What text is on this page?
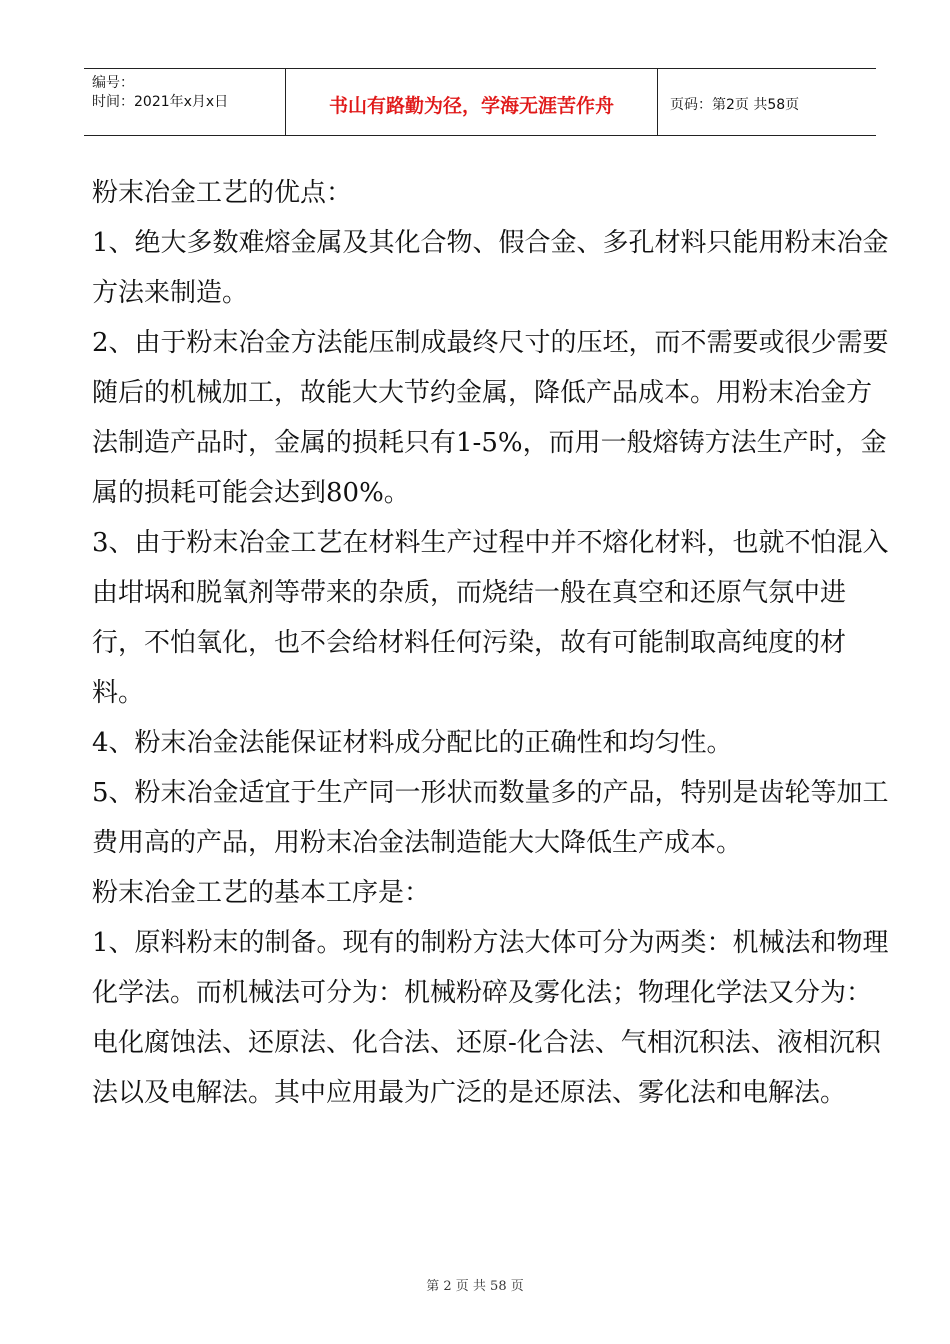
编号：
时间：2021年x月x日	书山有路勤为径，学海无涯苦作舟	页码：第2页 共58页

粉末冶金工艺的优点：

1、绝大多数难熔金属及其化合物、假合金、多孔材料只能用粉末冶金方法来制造。

2、由于粉末冶金方法能压制成最终尺寸的压坯，而不需要或很少需要随后的机械加工，故能大大节约金属，降低产品成本。用粉末冶金方法制造产品时，金属的损耗只有1-5%，而用一般熔铸方法生产时，金属的损耗可能会达到80%。

3、由于粉末冶金工艺在材料生产过程中并不熔化材料，也就不怕混入由坩埚和脱氧剂等带来的杂质，而烧结一般在真空和还原气氛中进行，不怕氧化，也不会给材料任何污染，故有可能制取高纯度的材料。

4、粉末冶金法能保证材料成分配比的正确性和均匀性。

5、粉末冶金适宜于生产同一形状而数量多的产品，特别是齿轮等加工费用高的产品，用粉末冶金法制造能大大降低生产成本。

粉末冶金工艺的基本工序是：

1、原料粉末的制备。现有的制粉方法大体可分为两类：机械法和物理化学法。而机械法可分为：机械粉碎及雾化法；物理化学法又分为：电化腐蚀法、还原法、化合法、还原-化合法、气相沉积法、液相沉积法以及电解法。其中应用最为广泛的是还原法、雾化法和电解法。

第 2 页 共 58 页
